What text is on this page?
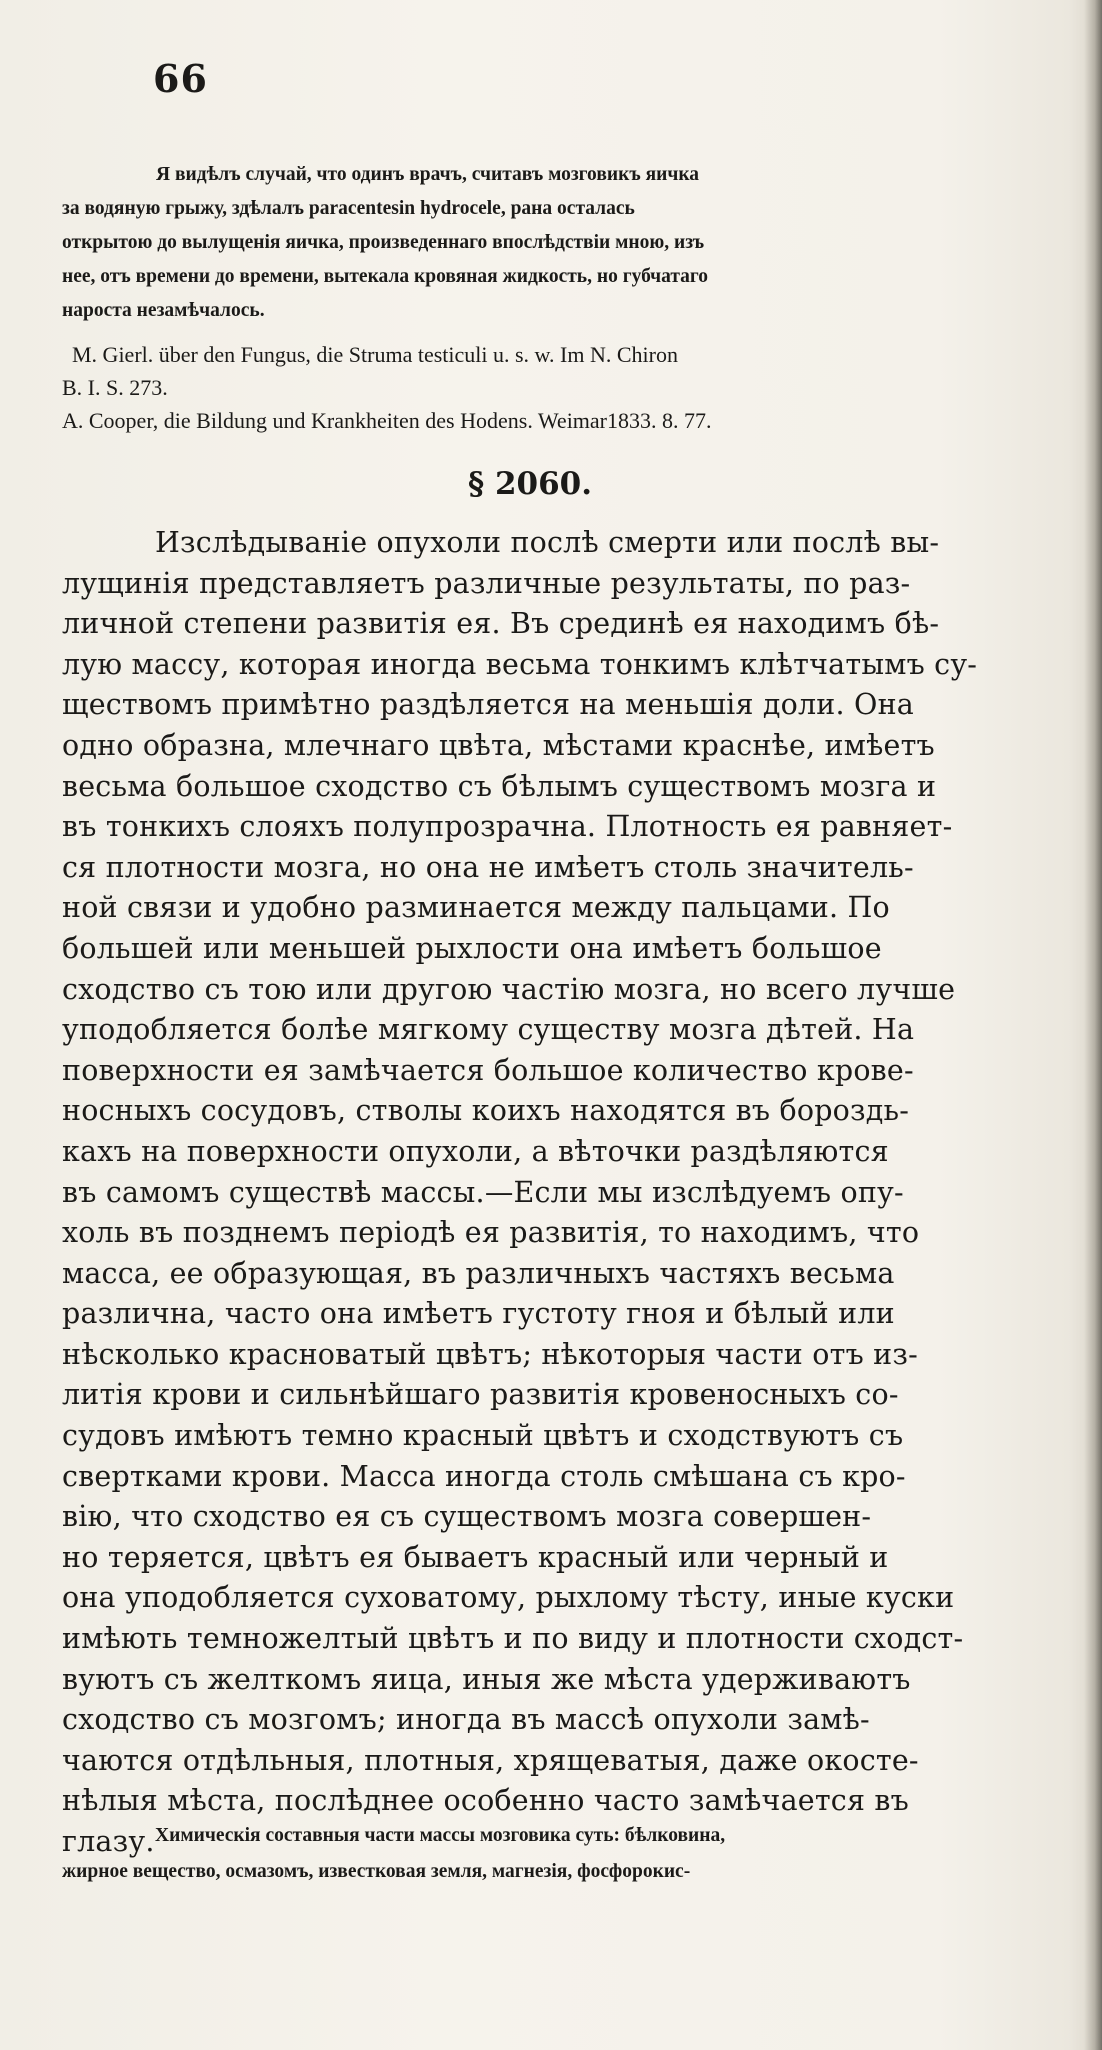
66
Я видѣлъ случай, что одинъ врачъ, считавъ мозговикъ яичка
за водяную грыжу, здѣлалъ paracentesin hydrocele, рана осталась
открытою до вылущенія яичка, произведеннаго впослѣдствіи мною, изъ
нее, отъ времени до времени, вытекала кровяная жидкость, но губчатаго
нароста незамѣчалось.
M. Gierl. über den Fungus, die Struma testiculi u. s. w. Im N. Chiron
B. I. S. 273.
A. Cooper, die Bildung und Krankheiten des Hodens. Weimar1833. 8. 77.
§ 2060.
Изслѣдываніе опухоли послѣ смерти или послѣ вы-
лущинія представляетъ различные результаты, по раз-
личной степени развитія ея. Въ срединѣ ея находимъ бѣ-
лую массу, которая иногда весьма тонкимъ клѣтчатымъ су-
ществомъ примѣтно раздѣляется на меньшія доли. Она
одно образна, млечнаго цвѣта, мѣстами краснѣе, имѣетъ
весьма большое сходство съ бѣлымъ существомъ мозга и
въ тонкихъ слояхъ полупрозрачна. Плотность ея равняет-
ся плотности мозга, но она не имѣетъ столь значитель-
ной связи и удобно разминается между пальцами. По
большей или меньшей рыхлости она имѣетъ большое
сходство съ тою или другою частію мозга, но всего лучше
уподобляется болѣе мягкому существу мозга дѣтей. На
поверхности ея замѣчается большое количество крове-
носныхъ сосудовъ, стволы коихъ находятся въ бороздь-
кахъ на поверхности опухоли, а вѣточки раздѣляются
въ самомъ существѣ массы.—Если мы изслѣдуемъ опу-
холь въ позднемъ періодѣ ея развитія, то находимъ, что
масса, ее образующая, въ различныхъ частяхъ весьма
различна, часто она имѣетъ густоту гноя и бѣлый или
нѣсколько красноватый цвѣтъ; нѣкоторыя части отъ из-
литія крови и сильнѣйшаго развитія кровеносныхъ со-
судовъ имѣютъ темно красный цвѣтъ и сходствуютъ съ
свертками крови. Масса иногда столь смѣшана съ кро-
вію, что сходство ея съ существомъ мозга совершен-
но теряется, цвѣтъ ея бываетъ красный или черный и
она уподобляется суховатому, рыхлому тѣсту, иные куски
имѣють темножелтый цвѣтъ и по виду и плотности сходст-
вуютъ съ желткомъ яица, иныя же мѣста удерживаютъ
сходство съ мозгомъ; иногда въ массѣ опухоли замѣ-
чаются отдѣльныя, плотныя, хрящеватыя, даже окосте-
нѣлыя мѣста, послѣднее особенно часто замѣчается въ
глазу. Химическія составныя части массы мозговика суть: бѣлковина,
жирное вещество, осмазомъ, известковая земля, магнезія, фосфорокис-
